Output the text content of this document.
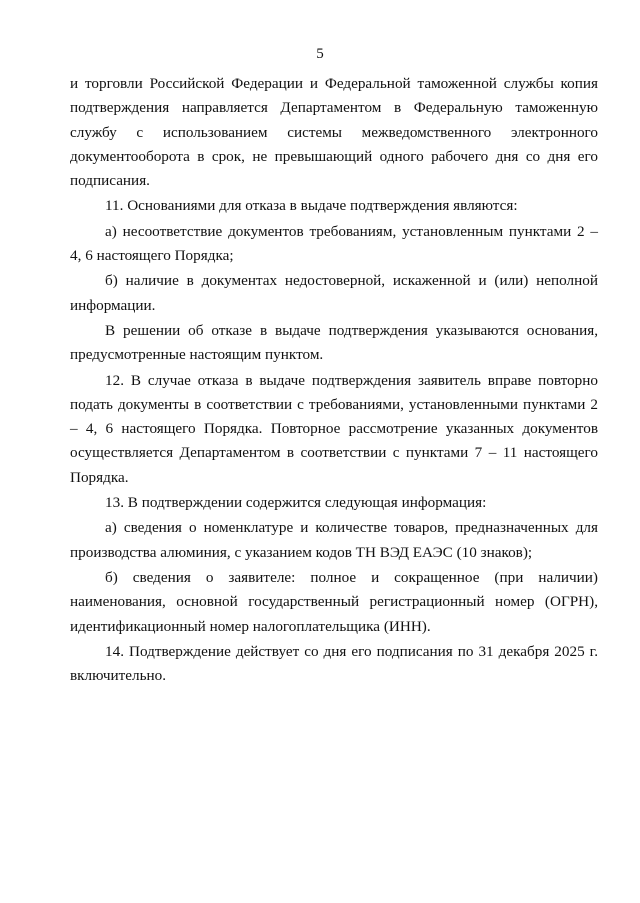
5

и торговли Российской Федерации и Федеральной таможенной службы копия подтверждения направляется Департаментом в Федеральную таможенную службу с использованием системы межведомственного электронного документооборота в срок, не превышающий одного рабочего дня со дня его подписания.

11. Основаниями для отказа в выдаче подтверждения являются:

а) несоответствие документов требованиям, установленным пунктами 2 – 4, 6 настоящего Порядка;

б) наличие в документах недостоверной, искаженной и (или) неполной информации.

В решении об отказе в выдаче подтверждения указываются основания, предусмотренные настоящим пунктом.

12. В случае отказа в выдаче подтверждения заявитель вправе повторно подать документы в соответствии с требованиями, установленными пунктами 2 – 4, 6 настоящего Порядка. Повторное рассмотрение указанных документов осуществляется Департаментом в соответствии с пунктами 7 – 11 настоящего Порядка.

13. В подтверждении содержится следующая информация:

а) сведения о номенклатуре и количестве товаров, предназначенных для производства алюминия, с указанием кодов ТН ВЭД ЕАЭС (10 знаков);

б) сведения о заявителе: полное и сокращенное (при наличии) наименования, основной государственный регистрационный номер (ОГРН), идентификационный номер налогоплательщика (ИНН).

14. Подтверждение действует со дня его подписания по 31 декабря 2025 г. включительно.
